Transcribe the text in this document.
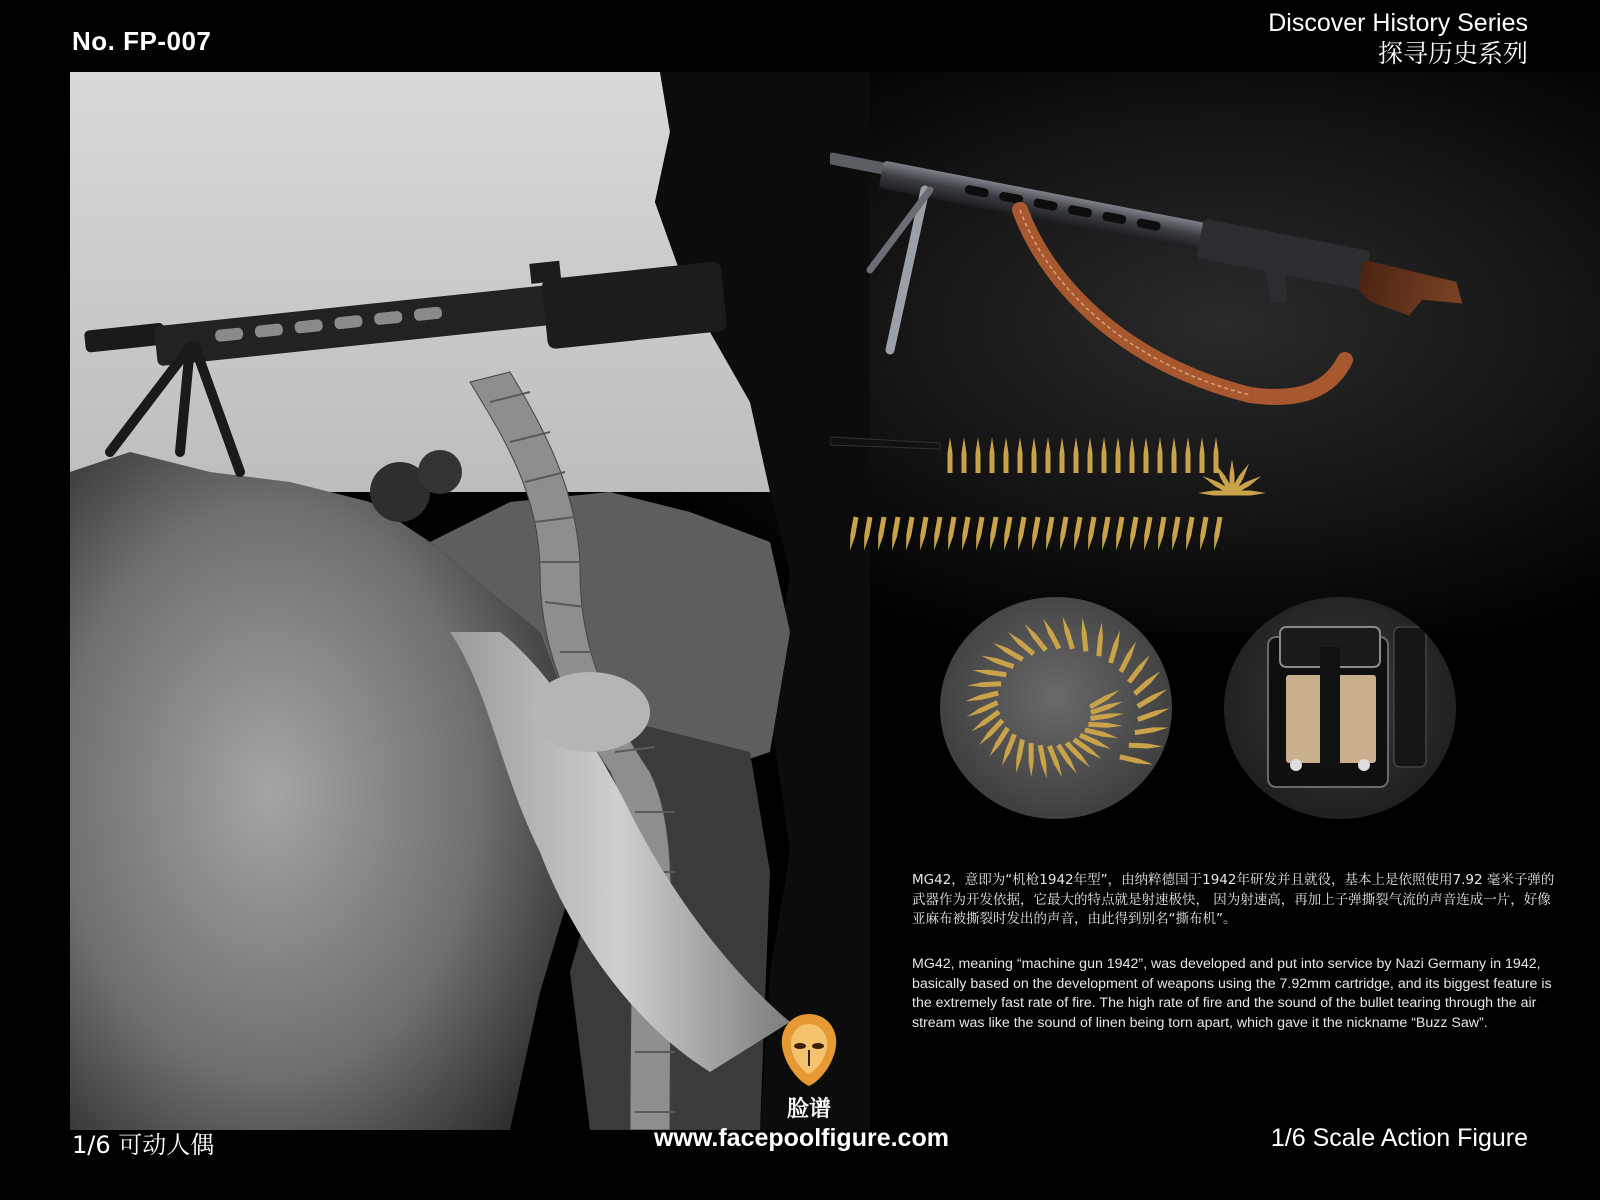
No. FP-007
Discover History Series
探寻历史系列
MG42，意即为“机枪1942年型”，由纳粹德国于1942年研发并且就役，基本上是依照使用7.92 毫米子弹的武器作为开发依据，它最大的特点就是射速极快， 因为射速高，再加上子弹撕裂气流的声音连成一片，好像亚麻布被撕裂时发出的声音，由此得到别名“撕布机”。
MG42, meaning “machine gun 1942”, was developed and put into service by Nazi Germany in 1942, basically based on the development of weapons using the 7.92mm cartridge, and its biggest feature is the extremely fast rate of fire. The high rate of fire and the sound of the bullet tearing through the air stream was like the sound of linen being torn apart, which gave it the nickname “Buzz Saw”.
脸谱
1/6 可动人偶	www.facepoolfigure.com	1/6 Scale Action Figure
